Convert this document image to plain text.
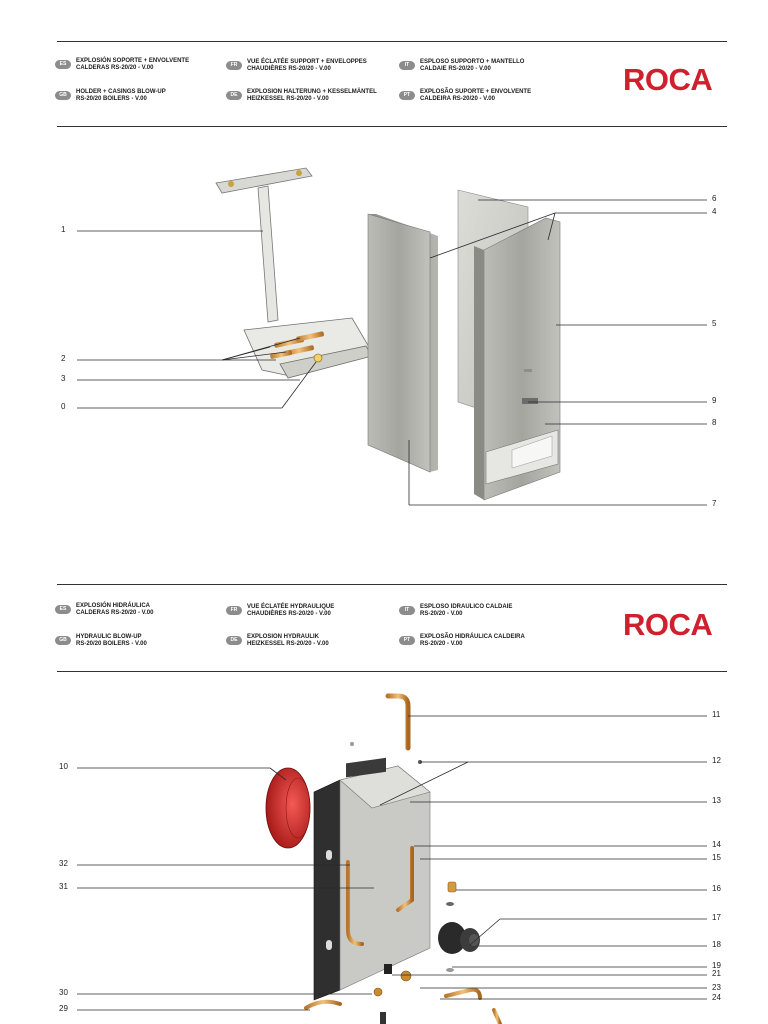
ES	EXPLOSIÓN SOPORTE + ENVOLVENTE
CALDERAS RS-20/20 - V.00	FR	VUE ÉCLATÉE SUPPORT + ENVELOPPES
CHAUDIÈRES RS-20/20 - V.00
IT	ESPLOSO SUPPORTO + MANTELLO
CALDAIE RS-20/20 - V.00
GB	HOLDER + CASINGS BLOW-UP
RS-20/20 BOILERS - V.00
DE	EXPLOSION HALTERUNG + KESSELMÄNTEL
HEIZKESSEL RS-20/20 - V.00
PT	EXPLOSÃO SUPORTE + ENVOLVENTE
CALDEIRA RS-20/20 - V.00
ROCA
ES	EXPLOSIÓN HIDRÁULICA
CALDERAS RS-20/20 - V.00	FR	VUE ÉCLATÉE HYDRAULIQUE
CHAUDIÈRES RS-20/20 - V.00
IT	ESPLOSO IDRAULICO CALDAIE
RS-20/20 - V.00
GB	HYDRAULIC BLOW-UP
RS-20/20 BOILERS - V.00
DE	EXPLOSION HYDRAULIK
HEIZKESSEL RS-20/20 - V.00
PT	EXPLOSÃO HIDRÁULICA CALDEIRA
RS-20/20 - V.00
ROCA
1
2
3
0
6
4
5
9
8
7
10
32
31
30
29
11
12
13
14
15
16
17
18
19
21
23
24
